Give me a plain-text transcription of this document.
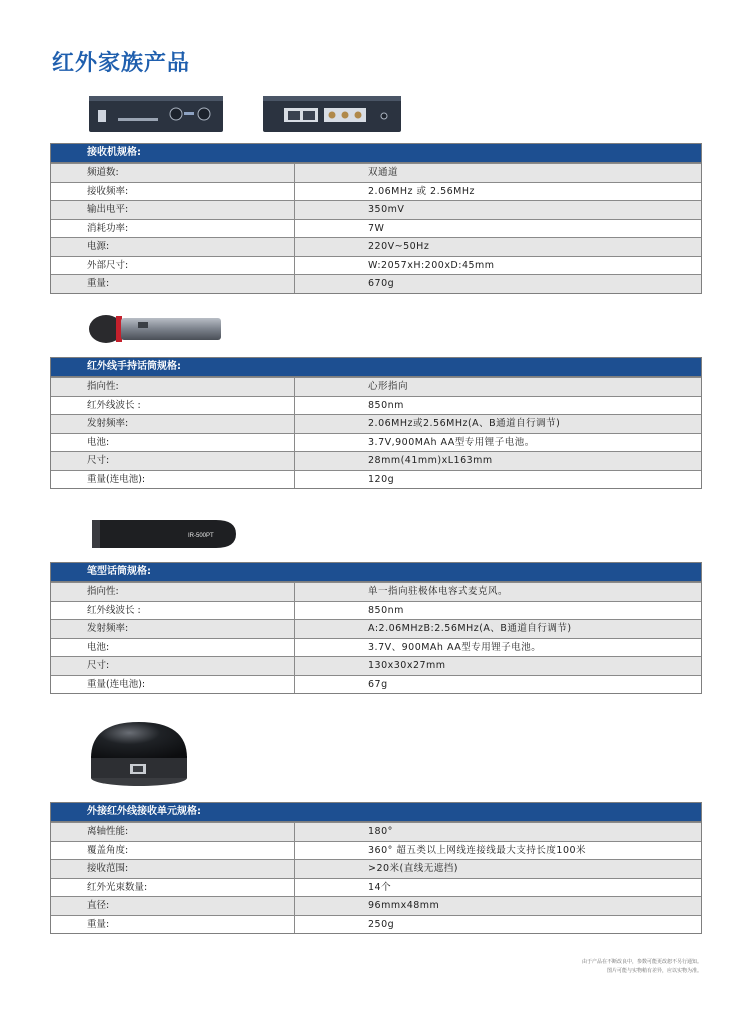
红外家族产品
接收机规格:
频道数:	双通道
接收频率:	2.06MHz 或 2.56MHz
输出电平:	350mV
消耗功率:	7W
电源:	220V~50Hz
外部尺寸:	W:2057xH:200xD:45mm
重量:	670g
红外线手持话筒规格:
指向性:	心形指向
红外线波长 :	850nm
发射频率:	2.06MHz或2.56MHz(A、B通道自行调节)
电池:	3.7V,900MAh AA型专用锂子电池。
尺寸:	28mm(41mm)xL163mm
重量(连电池):	120g
IR-500PT
笔型话筒规格:
指向性:	单一指向驻极体电容式麦克风。
红外线波长 :	850nm
发射频率:	A:2.06MHzB:2.56MHz(A、B通道自行调节)
电池:	3.7V、900MAh AA型专用锂子电池。
尺寸:	130x30x27mm
重量(连电池):	67g
外接红外线接收单元规格:
离轴性能:	180°
覆盖角度:	360° 超五类以上网线连接线最大支持长度100米
接收范围:	>20米(直线无遮挡)
红外光束数量:	14个
直径:	96mmx48mm
重量:	250g
由于产品在不断改良中，参数可能更改恕不另行通知。
图片可能与实物稍有差异，应以实物为准。
